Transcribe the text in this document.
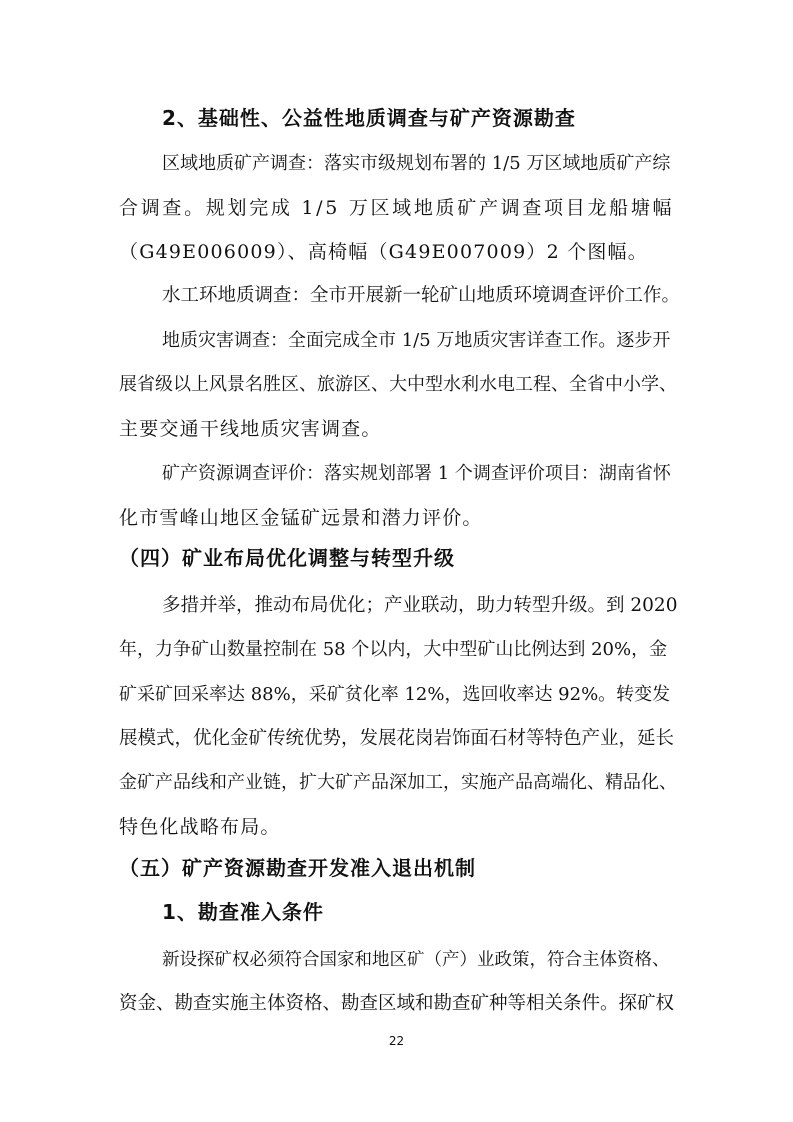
2、基础性、公益性地质调查与矿产资源勘查
区域地质矿产调查：落实市级规划布署的 1/5 万区域地质矿产综
合调查。规划完成 1/5 万区域地质矿产调查项目龙船塘幅
（G49E006009）、高椅幅（G49E007009）2 个图幅。
水工环地质调查：全市开展新一轮矿山地质环境调查评价工作。
地质灾害调查：全面完成全市 1/5 万地质灾害详查工作。逐步开
展省级以上风景名胜区、旅游区、大中型水利水电工程、全省中小学、
主要交通干线地质灾害调查。
矿产资源调查评价：落实规划部署 1 个调查评价项目：湖南省怀
化市雪峰山地区金锰矿远景和潜力评价。
（四）矿业布局优化调整与转型升级
多措并举，推动布局优化；产业联动，助力转型升级。到 2020
年，力争矿山数量控制在 58 个以内，大中型矿山比例达到 20%，金
矿采矿回采率达 88%，采矿贫化率 12%，选回收率达 92%。转变发
展模式，优化金矿传统优势，发展花岗岩饰面石材等特色产业，延长
金矿产品线和产业链，扩大矿产品深加工，实施产品高端化、精品化、
特色化战略布局。
（五）矿产资源勘查开发准入退出机制
1、勘查准入条件
新设探矿权必须符合国家和地区矿（产）业政策，符合主体资格、
资金、勘查实施主体资格、勘查区域和勘查矿种等相关条件。探矿权
22
